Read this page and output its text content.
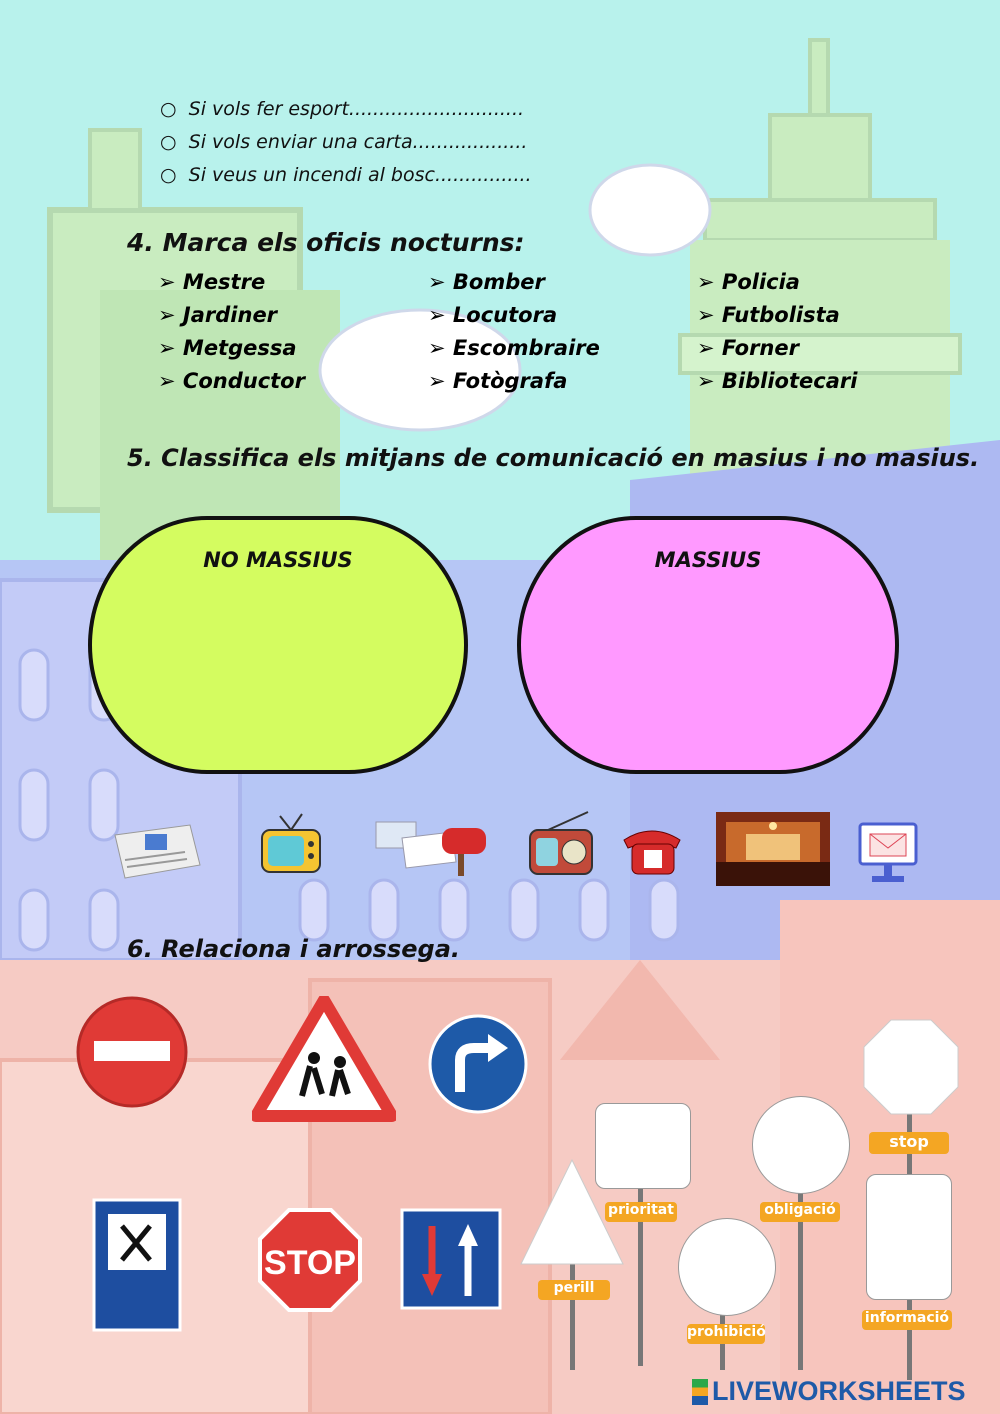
○  Si vols fer esport.............................
○  Si vols enviar una carta...................
○  Si veus un incendi al bosc................
4. Marca els oficis nocturns:
➢ Mestre
➢ Jardiner
➢ Metgessa
➢ Conductor
➢ Bomber
➢ Locutora
➢ Escombraire
➢ Fotògrafa
➢ Policia
➢ Futbolista
➢ Forner
➢ Bibliotecari
5. Classifica els mitjans de comunicació en masius i no masius.
NO MASSIUS	MASSIUS
6. Relaciona i arrossega.
STOP
perill
prioritat
prohibició
obligació
stop
informació
LIVEWORKSHEETS
